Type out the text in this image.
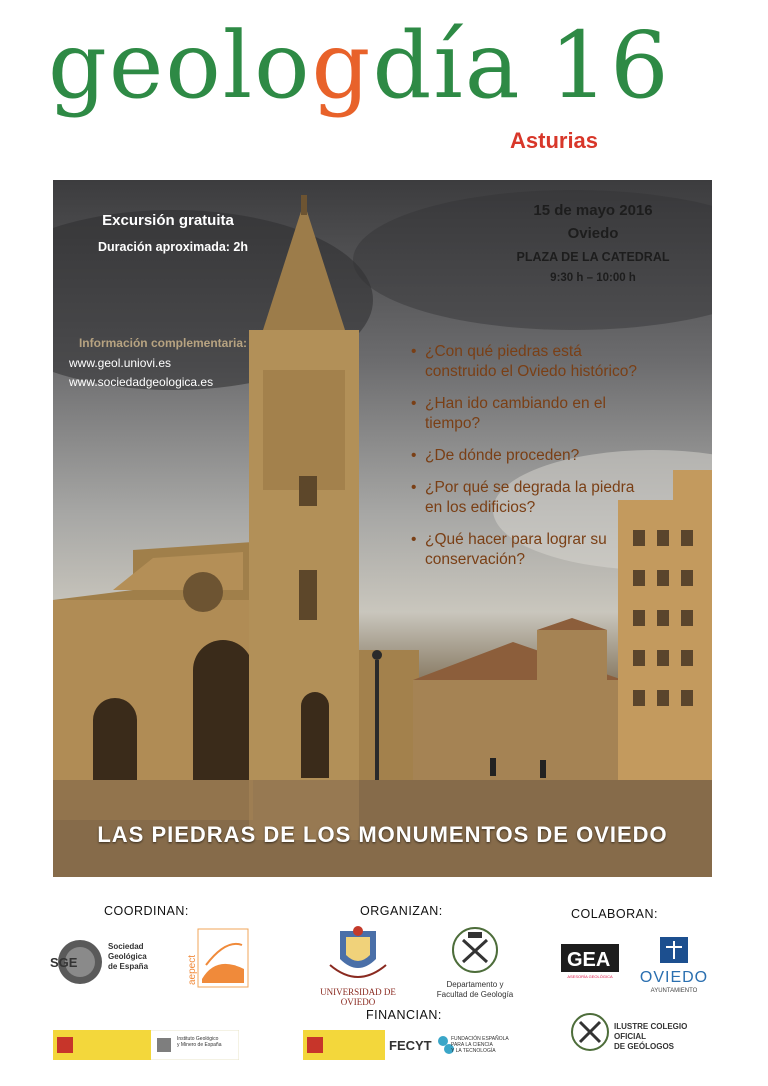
geologdía 16
Asturias
Excursión gratuita
Duración aproximada: 2h
15 de mayo 2016
Oviedo
PLAZA DE LA CATEDRAL
9:30 h – 10:00 h
Información complementaria:
www.geol.uniovi.es
www.sociedadgeologica.es
• ¿Con qué piedras está construido el Oviedo histórico?
• ¿Han ido cambiando en el tiempo?
• ¿De dónde proceden?
• ¿Por qué se degrada la piedra en los edificios?
• ¿Qué hacer para lograr su conservación?
LAS PIEDRAS DE LOS MONUMENTOS DE OVIEDO
COORDINAN:	ORGANIZAN:	COLABORAN:
FINANCIAN:
SGE
Sociedad
Geológica
de España	aepect
UNIVERSIDAD DE OVIEDO
Departamento y
Facultad de Geología
GEA
ASESORÍA GEOLÓGICA	OVIEDO
AYUNTAMIENTO
Instituto Geológico
y Minero de España	FECYT	FUNDACIÓN ESPAÑOLA
PARA LA CIENCIA
Y LA TECNOLOGÍA
ILUSTRE COLEGIO OFICIAL
DE GEÓLOGOS
